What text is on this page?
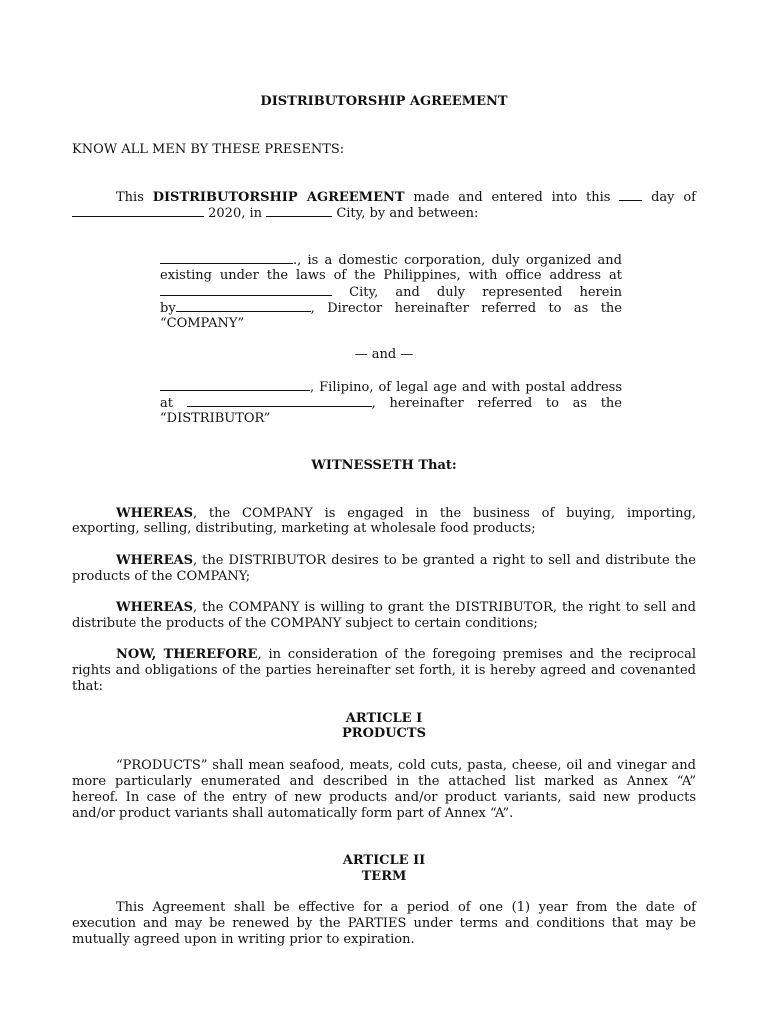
DISTRIBUTORSHIP AGREEMENT
KNOW ALL MEN BY THESE PRESENTS:
This DISTRIBUTORSHIP AGREEMENT made and entered into this	day of
2020, in	City, by and between:
., is a domestic corporation, duly organized and
existing under the laws of the Philippines, with office address at
City, and duly represented herein
by	, Director hereinafter referred to as the
“COMPANY”
— and —
, Filipino, of legal age and with postal address
at	, hereinafter referred to as the
“DISTRIBUTOR”
WITNESSETH That:
WHEREAS, the COMPANY is engaged in the business of buying, importing,
exporting, selling, distributing, marketing at wholesale food products;
WHEREAS, the DISTRIBUTOR desires to be granted a right to sell and distribute the
products of the COMPANY;
WHEREAS, the COMPANY is willing to grant the DISTRIBUTOR, the right to sell and
distribute the products of the COMPANY subject to certain conditions;
NOW, THEREFORE, in consideration of the foregoing premises and the reciprocal
rights and obligations of the parties hereinafter set forth, it is hereby agreed and covenanted
that:
ARTICLE I
PRODUCTS
“PRODUCTS” shall mean seafood, meats, cold cuts, pasta, cheese, oil and vinegar and
more particularly enumerated and described in the attached list marked as Annex “A”
hereof. In case of the entry of new products and/or product variants, said new products
and/or product variants shall automatically form part of Annex “A”.
ARTICLE II
TERM
This Agreement shall be effective for a period of one (1) year from the date of
execution and may be renewed by the PARTIES under terms and conditions that may be
mutually agreed upon in writing prior to expiration.
